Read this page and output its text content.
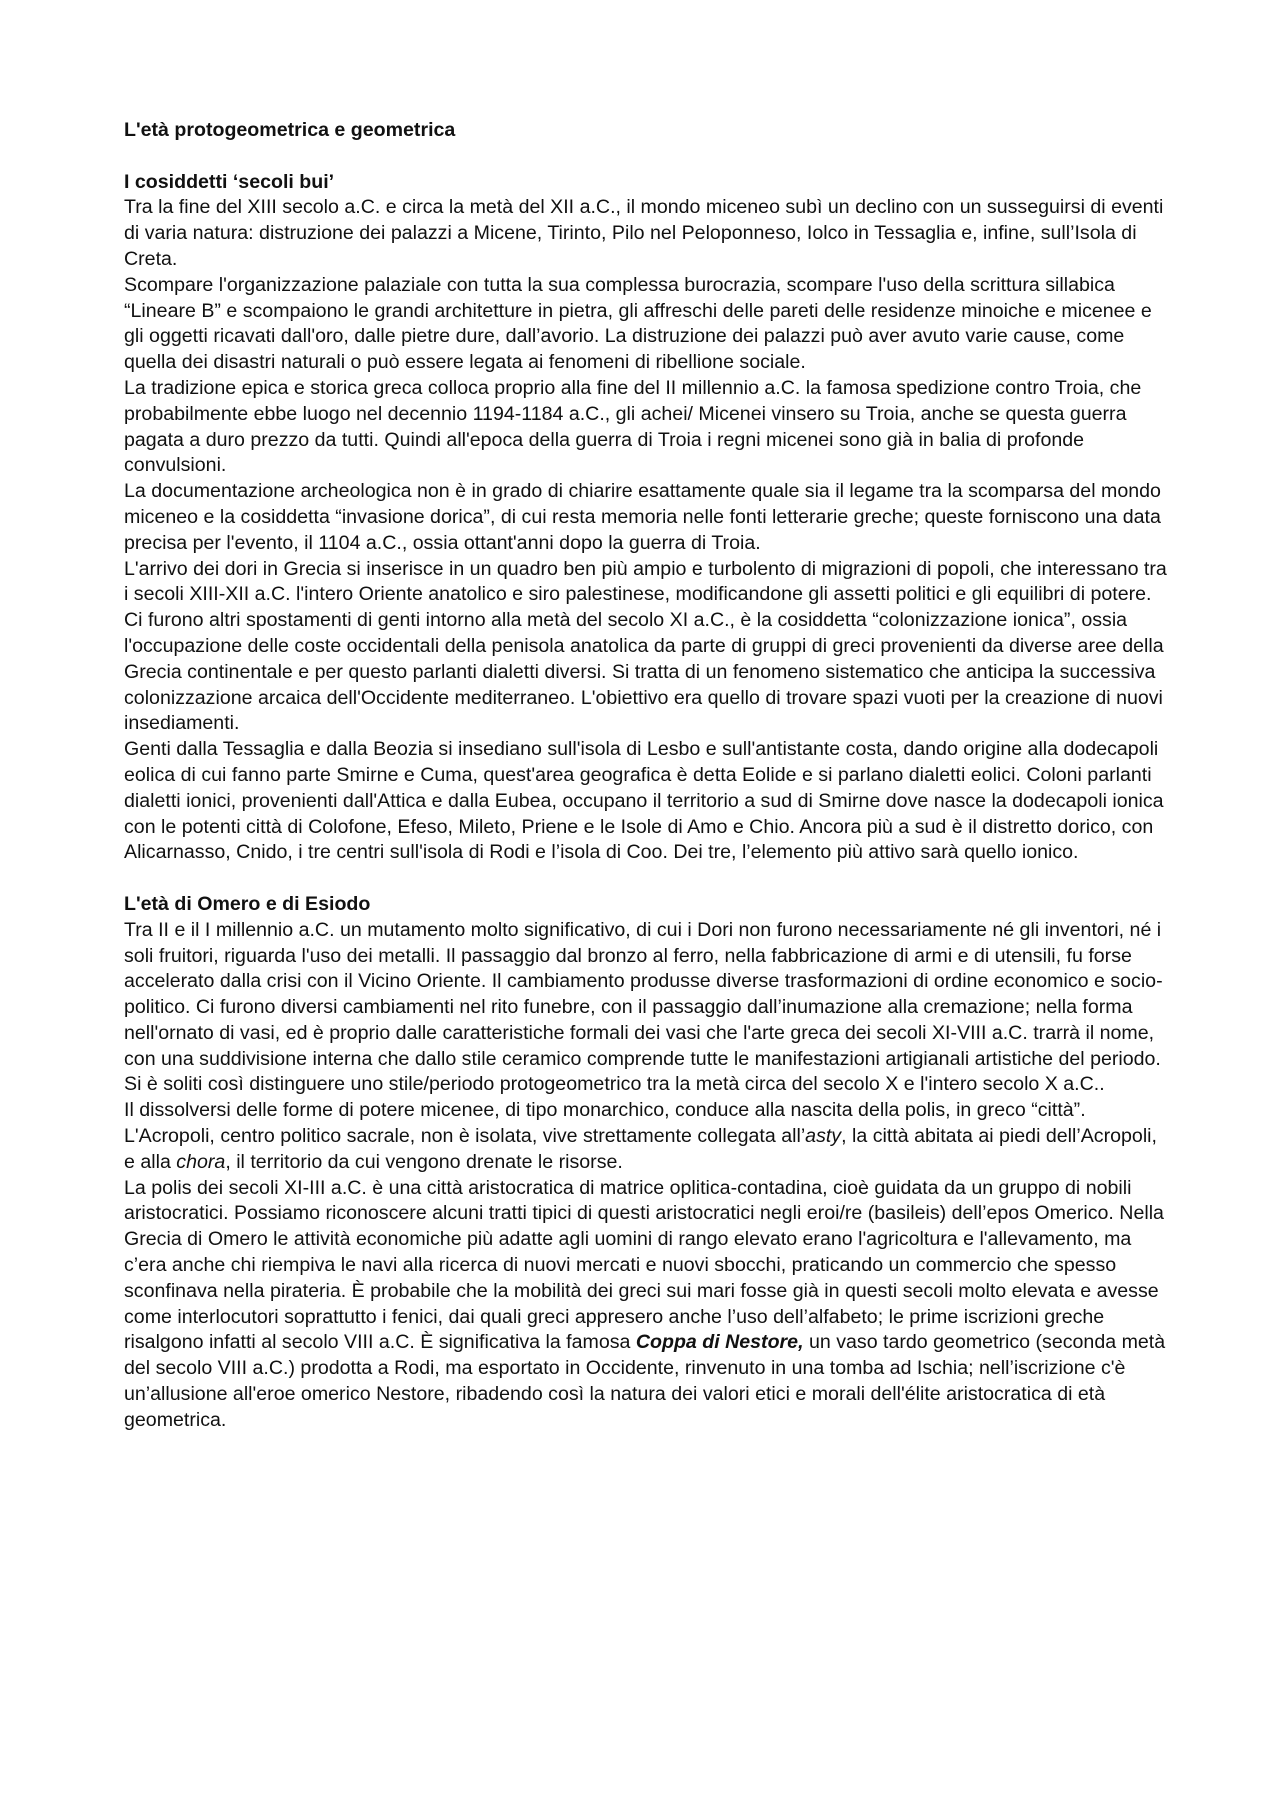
L'età protogeometrica e geometrica
I cosiddetti ‘secoli bui’

Tra la fine del XIII secolo a.C. e circa la metà del XII a.C., il mondo miceneo subì un declino con un susseguirsi di eventi di varia natura: distruzione dei palazzi a Micene, Tirinto, Pilo nel Peloponneso, Iolco in Tessaglia e, infine, sull’Isola di Creta.

Scompare l'organizzazione palaziale con tutta la sua complessa burocrazia, scompare l'uso della scrittura sillabica “Lineare B” e scompaiono le grandi architetture in pietra, gli affreschi delle pareti delle residenze minoiche e micenee e gli oggetti ricavati dall'oro, dalle pietre dure, dall’avorio. La distruzione dei palazzi può aver avuto varie cause, come quella dei disastri naturali o può essere legata ai fenomeni di ribellione sociale.

La tradizione epica e storica greca colloca proprio alla fine del II millennio a.C. la famosa spedizione contro Troia, che probabilmente ebbe luogo nel decennio 1194-1184 a.C., gli achei/ Micenei vinsero su Troia, anche se questa guerra pagata a duro prezzo da tutti. Quindi all'epoca della guerra di Troia i regni micenei sono già in balia di profonde convulsioni.

La documentazione archeologica non è in grado di chiarire esattamente quale sia il legame tra la scomparsa del mondo miceneo e la cosiddetta “invasione dorica”, di cui resta memoria nelle fonti letterarie greche; queste forniscono una data precisa per l'evento, il 1104 a.C., ossia ottant'anni dopo la guerra di Troia.

L'arrivo dei dori in Grecia si inserisce in un quadro ben più ampio e turbolento di migrazioni di popoli, che interessano tra i secoli XIII-XII a.C. l'intero Oriente anatolico e siro palestinese, modificandone gli assetti politici e gli equilibri di potere. Ci furono altri spostamenti di genti intorno alla metà del secolo XI a.C., è la cosiddetta “colonizzazione ionica”, ossia l'occupazione delle coste occidentali della penisola anatolica da parte di gruppi di greci provenienti da diverse aree della Grecia continentale e per questo parlanti dialetti diversi. Si tratta di un fenomeno sistematico che anticipa la successiva colonizzazione arcaica dell'Occidente mediterraneo. L'obiettivo era quello di trovare spazi vuoti per la creazione di nuovi insediamenti.

Genti dalla Tessaglia e dalla Beozia si insediano sull'isola di Lesbo e sull'antistante costa, dando origine alla dodecapoli eolica di cui fanno parte Smirne e Cuma, quest'area geografica è detta Eolide e si parlano dialetti eolici. Coloni parlanti dialetti ionici, provenienti dall'Attica e dalla Eubea, occupano il territorio a sud di Smirne dove nasce la dodecapoli ionica con le potenti città di Colofone, Efeso, Mileto, Priene e le Isole di Amo e Chio. Ancora più a sud è il distretto dorico, con Alicarnasso, Cnido, i tre centri sull'isola di Rodi e l’isola di Coo. Dei tre, l’elemento più attivo sarà quello ionico.

L'età di Omero e di Esiodo

Tra II e il I millennio a.C. un mutamento molto significativo, di cui i Dori non furono necessariamente né gli inventori, né i soli fruitori, riguarda l'uso dei metalli. Il passaggio dal bronzo al ferro, nella fabbricazione di armi e di utensili, fu forse accelerato dalla crisi con il Vicino Oriente. Il cambiamento produsse diverse trasformazioni di ordine economico e socio-politico. Ci furono diversi cambiamenti nel rito funebre, con il passaggio dall’inumazione alla cremazione; nella forma nell'ornato di vasi, ed è proprio dalle caratteristiche formali dei vasi che l'arte greca dei secoli XI-VIII a.C. trarrà il nome, con una suddivisione interna che dallo stile ceramico comprende tutte le manifestazioni artigianali artistiche del periodo. Si è soliti così distinguere uno stile/periodo protogeometrico tra la metà circa del secolo X e l'intero secolo X a.C..

Il dissolversi delle forme di potere micenee, di tipo monarchico, conduce alla nascita della polis, in greco “città”. L'Acropoli, centro politico sacrale, non è isolata, vive strettamente collegata all’asty, la città abitata ai piedi dell’Acropoli, e alla chora, il territorio da cui vengono drenate le risorse.

La polis dei secoli XI-III a.C. è una città aristocratica di matrice oplitica-contadina, cioè guidata da un gruppo di nobili aristocratici. Possiamo riconoscere alcuni tratti tipici di questi aristocratici negli eroi/re (basileis) dell’epos Omerico. Nella Grecia di Omero le attività economiche più adatte agli uomini di rango elevato erano l'agricoltura e l'allevamento, ma c’era anche chi riempiva le navi alla ricerca di nuovi mercati e nuovi sbocchi, praticando un commercio che spesso sconfinava nella pirateria. È probabile che la mobilità dei greci sui mari fosse già in questi secoli molto elevata e avesse come interlocutori soprattutto i fenici, dai quali greci appresero anche l’uso dell’alfabeto; le prime iscrizioni greche risalgono infatti al secolo VIII a.C. È significativa la famosa Coppa di Nestore, un vaso tardo geometrico (seconda metà del secolo VIII a.C.) prodotta a Rodi, ma esportato in Occidente, rinvenuto in una tomba ad Ischia; nell’iscrizione c'è un’allusione all'eroe omerico Nestore, ribadendo così la natura dei valori etici e morali dell'élite aristocratica di età geometrica.
